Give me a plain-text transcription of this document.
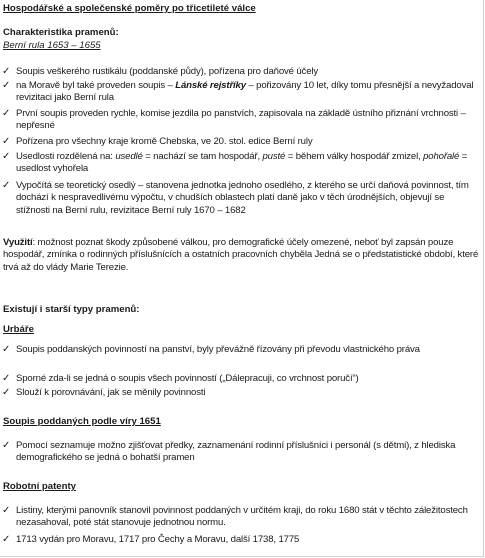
Hospodářské a společenské poměry po třicetileté válce
Charakteristika pramenů:
Berní rula 1653 – 1655
✓ Soupis veškerého rustikálu (poddanské půdy), pořízena pro daňové účely
✓ na Moravě byl také proveden soupis – Lánské rejstříky – pořizovány 10 let, díky tomu přesnější a nevyžadoval revizitaci jako Berní rula
✓ První soupis proveden rychle, komise jezdila po panstvích, zapisovala na základě ústního přiznání vrchnosti – nepřesné
✓ Pořízena pro všechny kraje kromě Chebska, ve 20. stol. edice Berní ruly
✓ Usedlosti rozdělená na: usedlé = nachází se tam hospodář, pusté = během války hospodář zmizel, pohořalé = usedlost vyhořela
✓ Vypočítá se teoretický osedlý – stanovena jednotka jednoho osedlého, z kterého se určí daňová povinnost, tím dochází k nespravedlivému výpočtu, v chudších oblastech platí daně jako v těch úrodnějších, objevují se stížnosti na Berní rulu, revizitace Berní ruly 1670 – 1682
Využití: možnost poznat škody způsobené válkou, pro demografické účely omezené, neboť byl zapsán pouze hospodář, zmínka o rodinných příslušnících a ostatních pracovních chyběla Jedná se o předstatistické období, které trvá až do vlády Marie Terezie.
Existují i starší typy pramenů:
Urbáře
✓ Soupis poddanských povinností na panství, byly převážně řízovány při převodu vlastnického práva
✓ Sporné zda-li se jedná o soupis všech povinností („Dálepracuji, co vrchnost poručí“)
✓ Slouží k porovnávání, jak se měnily povinnosti
Soupis poddaných podle víry 1651
✓ Pomocí seznamuje možno zjišťovat předky, zaznamenání rodinní příslušníci i personál (s dětmi), z hlediska demografického se jedná o bohatší pramen
Robotní patenty
✓ Listiny, kterými panovník stanovil povinnost poddaných v určitém kraji, do roku 1680 stát v těchto záležitostech nezasahoval, poté stát stanovuje jednotnou normu.
✓ 1713 vydán pro Moravu, 1717 pro Čechy a Moravu, další 1738, 1775
